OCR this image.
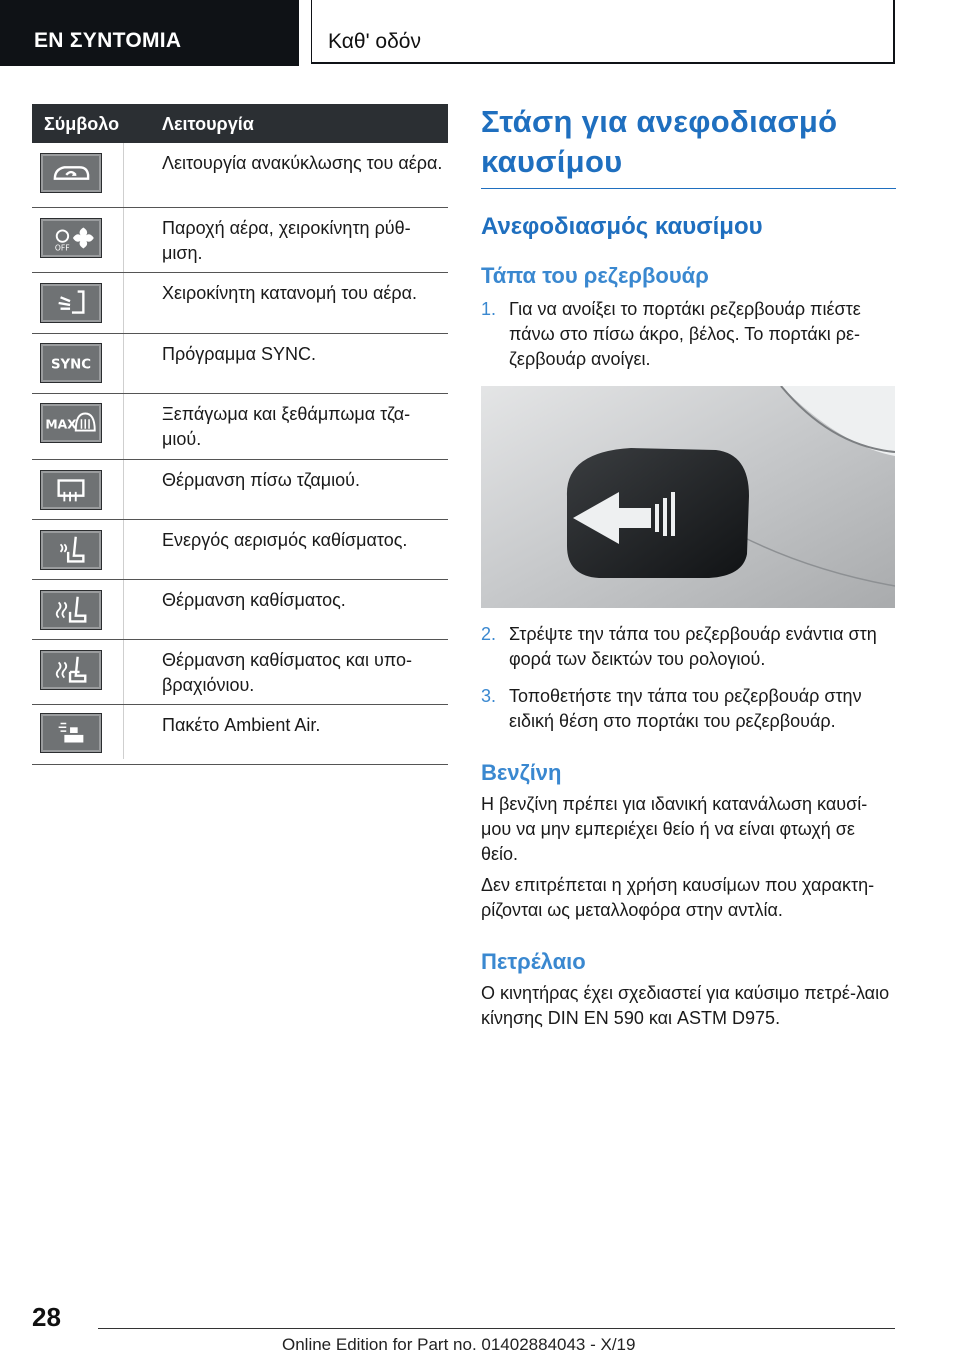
ΕΝ ΣΥΝΤΟΜΙΑ	Καθ' οδόν
Σύμβολο Λειτουργία
Λειτουργία ανακύκλωσης του αέρα.
OFF
Παροχή αέρα, χειροκίνητη ρύθ-μιση.
Χειροκίνητη κατανομή του αέρα.
SYNC
Πρόγραμμα SYNC.
MAX
Ξεπάγωμα και ξεθάμπωμα τζα-μιού.
Θέρμανση πίσω τζαμιού.
Ενεργός αερισμός καθίσματος.
Θέρμανση καθίσματος.
Θέρμανση καθίσματος και υπο-βραχιόνιου.
Πακέτο Ambient Air.
Στάση για ανεφοδιασμό καυσίμου
Ανεφοδιασμός καυσίμου
Τάπα του ρεζερβουάρ
1. Για να ανοίξει το πορτάκι ρεζερβουάρ πιέστε πάνω στο πίσω άκρο, βέλος. Το πορτάκι ρε-ζερβουάρ ανοίγει.
2. Στρέψτε την τάπα του ρεζερβουάρ ενάντια στη φορά των δεικτών του ρολογιού.
3. Τοποθετήστε την τάπα του ρεζερβουάρ στην ειδική θέση στο πορτάκι του ρεζερβουάρ.
Βενζίνη
Η βενζίνη πρέπει για ιδανική κατανάλωση καυσί-μου να μην εμπεριέχει θείο ή να είναι φτωχή σε θείο.
Δεν επιτρέπεται η χρήση καυσίμων που χαρακτη-ρίζονται ως μεταλλοφόρα στην αντλία.
Πετρέλαιο
Ο κινητήρας έχει σχεδιαστεί για καύσιμο πετρέ-λαιο κίνησης DIN EN 590 και ASTM D975.
28
Online Edition for Part no. 01402884043 - X/19
